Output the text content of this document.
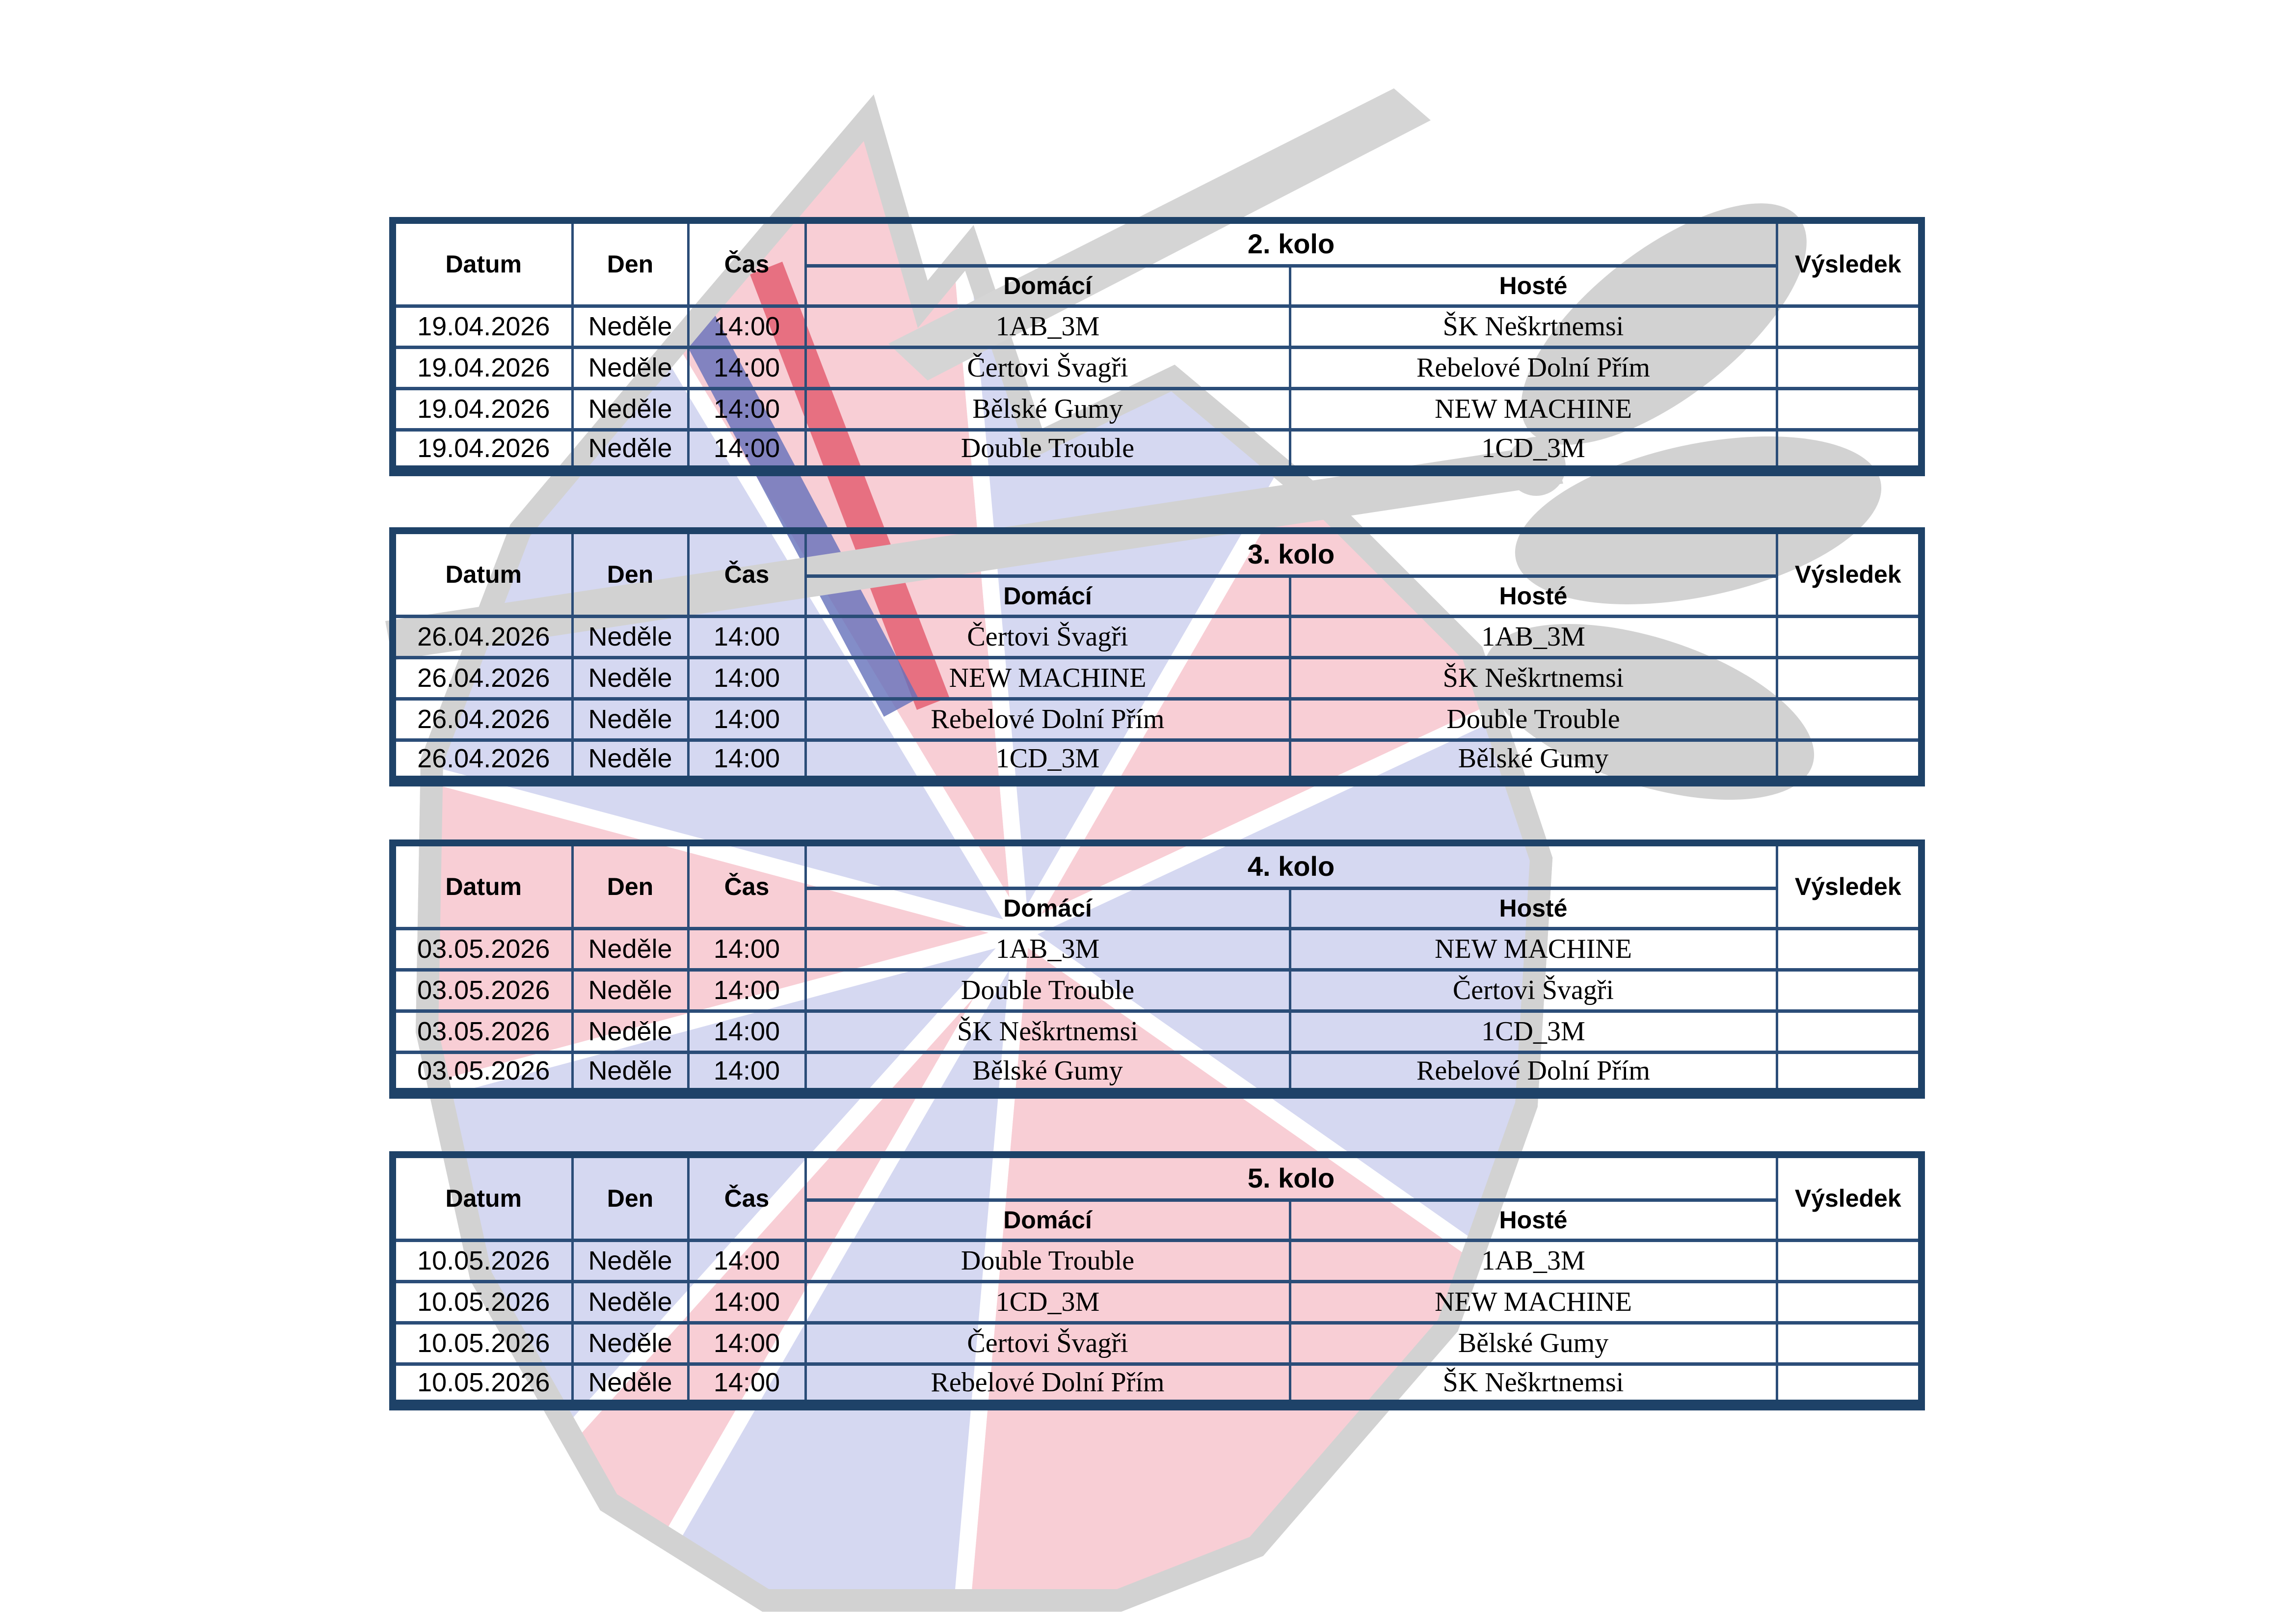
Datum	Den	Čas	2. kolo		Výsledek
			Domácí	Hosté	
19.04.2026	Neděle	14:00	1AB_3M	ŠK Neškrtnemsi	
19.04.2026	Neděle	14:00	Čertovi Švagři	Rebelové Dolní Přím	
19.04.2026	Neděle	14:00	Bělské Gumy	NEW MACHINE	
19.04.2026	Neděle	14:00	Double Trouble	1CD_3M	
Datum	Den	Čas	3. kolo		Výsledek
			Domácí	Hosté	
26.04.2026	Neděle	14:00	Čertovi Švagři	1AB_3M	
26.04.2026	Neděle	14:00	NEW MACHINE	ŠK Neškrtnemsi	
26.04.2026	Neděle	14:00	Rebelové Dolní Přím	Double Trouble	
26.04.2026	Neděle	14:00	1CD_3M	Bělské Gumy	
Datum	Den	Čas	4. kolo		Výsledek
			Domácí	Hosté	
03.05.2026	Neděle	14:00	1AB_3M	NEW MACHINE	
03.05.2026	Neděle	14:00	Double Trouble	Čertovi Švagři	
03.05.2026	Neděle	14:00	ŠK Neškrtnemsi	1CD_3M	
03.05.2026	Neděle	14:00	Bělské Gumy	Rebelové Dolní Přím	
Datum	Den	Čas	5. kolo		Výsledek
			Domácí	Hosté	
10.05.2026	Neděle	14:00	Double Trouble	1AB_3M	
10.05.2026	Neděle	14:00	1CD_3M	NEW MACHINE	
10.05.2026	Neděle	14:00	Čertovi Švagři	Bělské Gumy	
10.05.2026	Neděle	14:00	Rebelové Dolní Přím	ŠK Neškrtnemsi	
